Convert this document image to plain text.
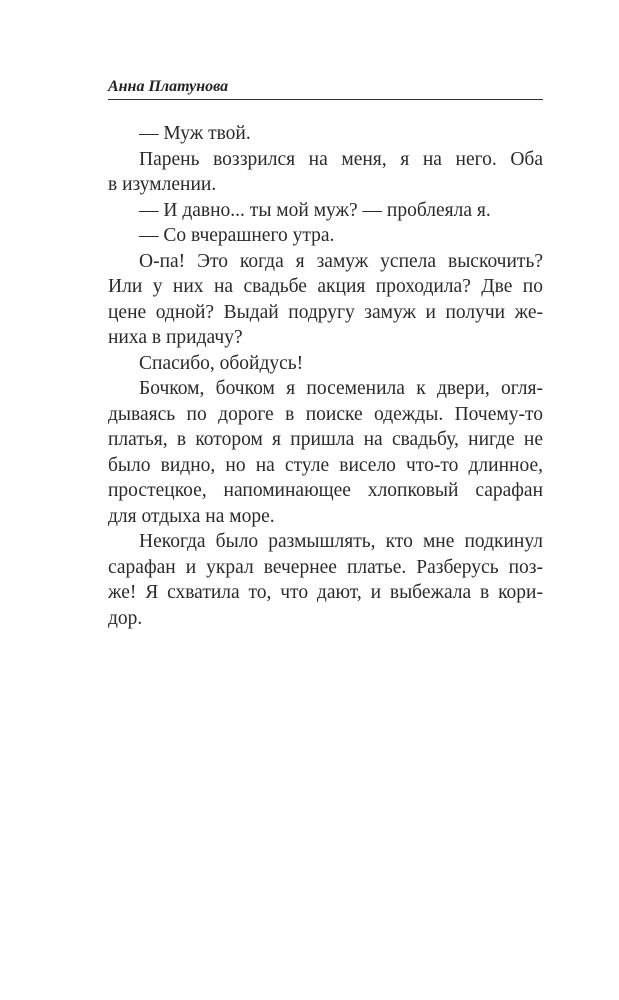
Анна Платунова
— Муж твой.
Парень воззрился на меня, я на него. Оба
в изумлении.
— И давно... ты мой муж? — проблеяла я.
— Со вчерашнего утра.
О-па! Это когда я замуж успела выскочить?
Или у них на свадьбе акция проходила? Две по
цене одной? Выдай подругу замуж и получи же-
ниха в придачу?
Спасибо, обойдусь!
Бочком, бочком я посеменила к двери, огля-
дываясь по дороге в поиске одежды. Почему-то
платья, в котором я пришла на свадьбу, нигде не
было видно, но на стуле висело что-то длинное,
простецкое, напоминающее хлопковый сарафан
для отдыха на море.
Некогда было размышлять, кто мне подкинул
сарафан и украл вечернее платье. Разберусь поз-
же! Я схватила то, что дают, и выбежала в кори-
дор.
